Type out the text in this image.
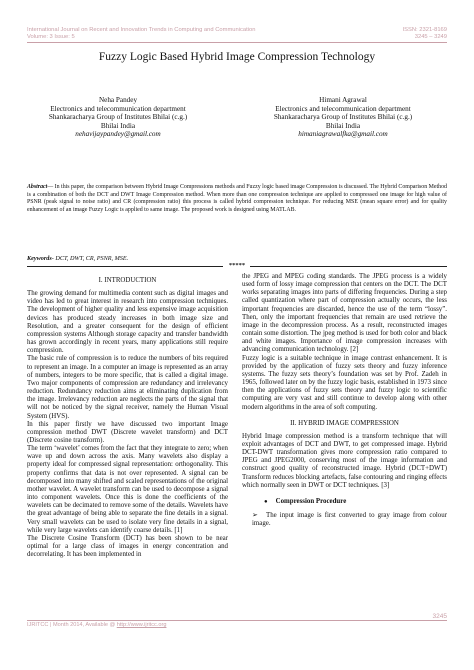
International Journal on Recent and Innovation Trends in Computing and Communication
Volume: 3 Issue: 5
ISSN: 2321-8169
3245 – 3249
Fuzzy Logic Based Hybrid Image Compression Technology
Neha Pandey
Electronics and telecommunication department
Shankaracharya Group of Institutes Bhilai (c.g.)
Bhilai India
nehavijaypandey@gmail.com
Himani Agrawal
Electronics and telecommunication department
Shankaracharya Group of Institutes Bhilai (c.g.)
Bhilai India
himaniagrawalfka@gmail.com
Abstract— In this paper, the comparison between Hybrid Image Compressions methods and Fuzzy logic based image Compression is discussed. The Hybrid Comparison Method is a combination of both the DCT and DWT Image Compression method. When more than one compression technique are applied to compressed one image for high value of PSNR (peak signal to noise ratio) and CR (compression ratio) this process is called hybrid compression technique. For reducing MSE (mean square error) and for quality enhancement of an image Fuzzy Logic is applied to same image. The proposed work is designed using MATLAB.
Keywords- DCT, DWT, CR, PSNR, MSE.
*****

I. INTRODUCTION

The growing demand for multimedia content such as digital images and video has led to great interest in research into compression techniques. The development of higher quality and less expensive image acquisition devices has produced steady increases in both image size and Resolution, and a greater consequent for the design of efficient compression systems Although storage capacity and transfer bandwidth has grown accordingly in recent years, many applications still require compression.

The basic rule of compression is to reduce the numbers of bits required to represent an image. In a computer an image is represented as an array of numbers, integers to be more specific, that is called a digital image. Two major components of compression are redundancy and irrelevancy reduction. Redundancy reduction aims at eliminating duplication from the image. Irrelevancy reduction are neglects the parts of the signal that will not be noticed by the signal receiver, namely the Human Visual System (HVS).

In this paper firstly we have discussed two important Image compression method DWT (Discrete wavelet transform) and DCT (Discrete cosine transform).

The term ‘wavelet’ comes from the fact that they integrate to zero; when wave up and down across the axis. Many wavelets also display a property ideal for compressed signal representation: orthogonality. This property confirms that data is not over represented. A signal can be decomposed into many shifted and scaled representations of the original mother wavelet. A wavelet transform can be used to decompose a signal into component wavelets. Once this is done the coefficients of the wavelets can be decimated to remove some of the details. Wavelets have the great advantage of being able to separate the fine details in a signal. Very small wavelets can be used to isolate very fine details in a signal, while very large wavelets can identify coarse details. [1]

The Discrete Cosine Transform (DCT) has been shown to be near optimal for a large class of images in energy concentration and decorrelating. It has been implemented in

the JPEG and MPEG coding standards. The JPEG process is a widely used form of lossy image compression that centers on the DCT. The DCT works separating images into parts of differing frequencies. During a step called quantization where part of compression actually occurs, the less important frequencies are discarded, hence the use of the term “lossy”. Then, only the important frequencies that remain are used retrieve the image in the decompression process. As a result, reconstructed images contain some distortion. The jpeg method is used for both color and black and white images. Importance of image compression increases with advancing communication technology. [2]

Fuzzy logic is a suitable technique in image contrast enhancement. It is provided by the application of fuzzy sets theory and fuzzy inference systems. The fuzzy sets theory’s foundation was set by Prof. Zadeh in 1965, followed later on by the fuzzy logic basis, established in 1973 since then the applications of fuzzy sets theory and fuzzy logic to scientific computing are very vast and still continue to develop along with other modern algorithms in the area of soft computing.

II. HYBRID IMAGE COMPRESSION

Hybrid Image compression method is a transform technique that will exploit advantages of DCT and DWT, to get compressed image. Hybrid DCT-DWT transformation gives more compression ratio compared to JPEG and JPEG2000, conserving most of the image information and construct good quality of reconstructed image. Hybrid (DCT+DWT) Transform reduces blocking artefacts, false contouring and ringing effects which normally seen in DWT or DCT techniques. [3]

● Compression Procedure

➢ The input image is first converted to gray image from colour image.

3245
IJRITCC | Month 2014, Available @ http://www.ijritcc.org
